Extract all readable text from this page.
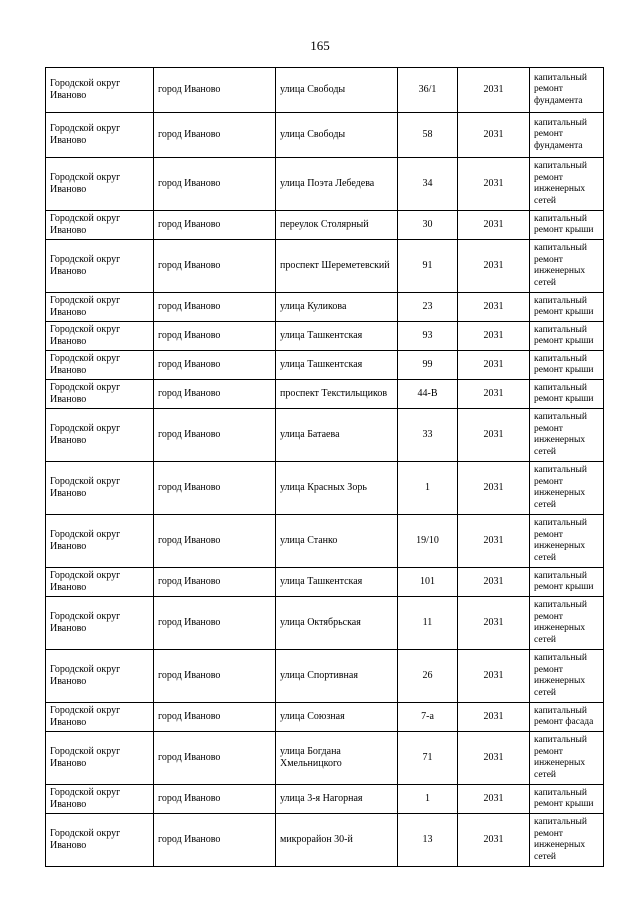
165
Городской округ Иваново	город Иваново	улица Свободы	36/1	2031	капитальный ремонт фундамента
Городской округ Иваново	город Иваново	улица Свободы	58	2031	капитальный ремонт фундамента
Городской округ Иваново	город Иваново	улица Поэта Лебедева	34	2031	капитальный ремонт инженерных сетей
Городской округ Иваново	город Иваново	переулок Столярный	30	2031	капитальный ремонт крыши
Городской округ Иваново	город Иваново	проспект Шереметевский	91	2031	капитальный ремонт инженерных сетей
Городской округ Иваново	город Иваново	улица Куликова	23	2031	капитальный ремонт крыши
Городской округ Иваново	город Иваново	улица Ташкентская	93	2031	капитальный ремонт крыши
Городской округ Иваново	город Иваново	улица Ташкентская	99	2031	капитальный ремонт крыши
Городской округ Иваново	город Иваново	проспект Текстильщиков	44-В	2031	капитальный ремонт крыши
Городской округ Иваново	город Иваново	улица Батаева	33	2031	капитальный ремонт инженерных сетей
Городской округ Иваново	город Иваново	улица Красных Зорь	1	2031	капитальный ремонт инженерных сетей
Городской округ Иваново	город Иваново	улица Станко	19/10	2031	капитальный ремонт инженерных сетей
Городской округ Иваново	город Иваново	улица Ташкентская	101	2031	капитальный ремонт крыши
Городской округ Иваново	город Иваново	улица Октябрьская	11	2031	капитальный ремонт инженерных сетей
Городской округ Иваново	город Иваново	улица Спортивная	26	2031	капитальный ремонт инженерных сетей
Городской округ Иваново	город Иваново	улица Союзная	7-а	2031	капитальный ремонт фасада
Городской округ Иваново	город Иваново	улица Богдана Хмельницкого	71	2031	капитальный ремонт инженерных сетей
Городской округ Иваново	город Иваново	улица 3-я Нагорная	1	2031	капитальный ремонт крыши
Городской округ Иваново	город Иваново	микрорайон 30-й	13	2031	капитальный ремонт инженерных сетей
